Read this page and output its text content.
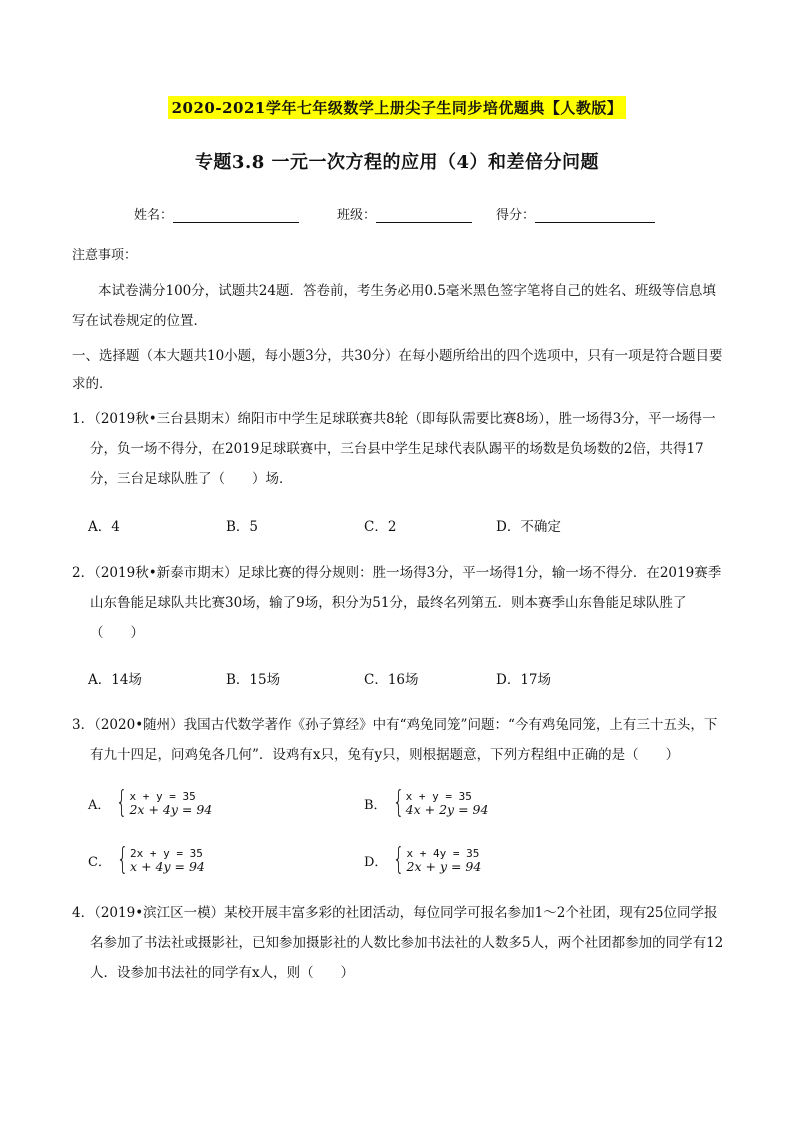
2020-2021学年七年级数学上册尖子生同步培优题典【人教版】
专题3.8 一元一次方程的应用（4）和差倍分问题
姓名：	班级：	得分：
注意事项：
本试卷满分100分，试题共24题．答卷前，考生务必用0.5毫米黑色签字笔将自己的姓名、班级等信息填写在试卷规定的位置．
一、选择题（本大题共10小题，每小题3分，共30分）在每小题所给出的四个选项中，只有一项是符合题目要求的．
1．（2019秋•三台县期末）绵阳市中学生足球联赛共8轮（即每队需要比赛8场），胜一场得3分，平一场得一分，负一场不得分，在2019足球联赛中，三台县中学生足球代表队踢平的场数是负场数的2倍，共得17分，三台足球队胜了（　　）场．
A．4	B．5	C．2	D．不确定
2．（2019秋•新泰市期末）足球比赛的得分规则：胜一场得3分，平一场得1分，输一场不得分．在2019赛季山东鲁能足球队共比赛30场，输了9场，积分为51分，最终名列第五．则本赛季山东鲁能足球队胜了（　　）
A．14场	B．15场	C．16场	D．17场
3．（2020•随州）我国古代数学著作《孙子算经》中有“鸡兔同笼”问题：“今有鸡兔同笼，上有三十五头，下有九十四足，问鸡兔各几何”．设鸡有x只，兔有y只，则根据题意，下列方程组中正确的是（　　）
A． { x + y = 35
2x + 4y = 94	B． { x + y = 35
4x + 2y = 94
C． { 2x + y = 35
x + 4y = 94	D． { x + 4y = 35
2x + y = 94
4．（2019•滨江区一模）某校开展丰富多彩的社团活动，每位同学可报名参加1～2个社团，现有25位同学报名参加了书法社或摄影社，已知参加摄影社的人数比参加书法社的人数多5人，两个社团都参加的同学有12人．设参加书法社的同学有x人，则（　　）
